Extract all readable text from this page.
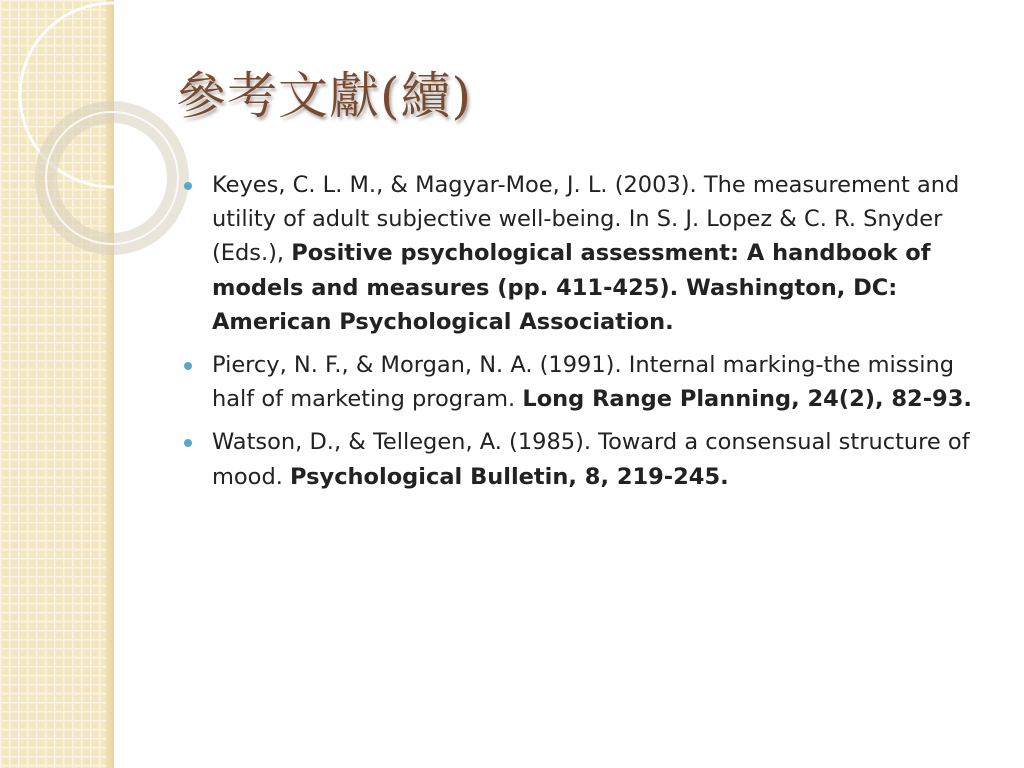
參考文獻(續)
Keyes, C. L. M., & Magyar-Moe, J. L. (2003). The measurement and utility of adult subjective well-being. In S. J. Lopez & C. R. Snyder (Eds.), Positive psychological assessment: A handbook of models and measures (pp. 411-425). Washington, DC: American Psychological Association.
Piercy, N. F., & Morgan, N. A. (1991). Internal marking-the missing half of marketing program. Long Range Planning, 24(2), 82-93.
Watson, D., & Tellegen, A. (1985). Toward a consensual structure of mood. Psychological Bulletin, 8, 219-245.
